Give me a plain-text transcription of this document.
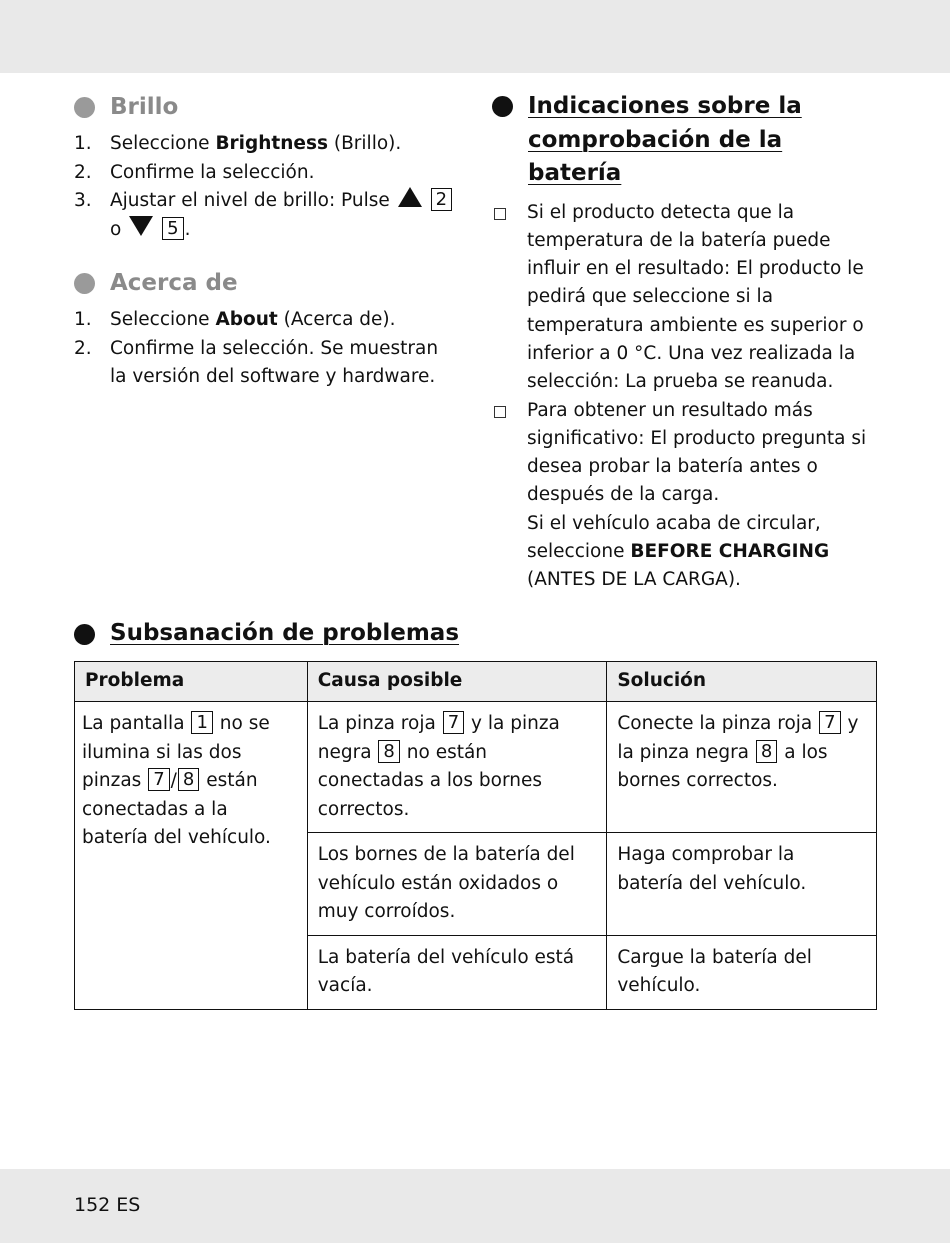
Brillo
1. Seleccione Brightness (Brillo).
2. Confirme la selección.
3. Ajustar el nivel de brillo: Pulse	2
o	5 .
Acerca de
1. Seleccione About (Acerca de).
2. Confirme la selección. Se muestran la versión del software y hardware.
Indicaciones sobre la
comprobación de la
batería
Si el producto detecta que la temperatura de la batería puede influir en el resultado: El producto le pedirá que seleccione si la temperatura ambiente es superior o inferior a 0 °C. Una vez realizada la selección: La prueba se reanuda.
Para obtener un resultado más significativo: El producto pregunta si desea probar la batería antes o después de la carga.
Si el vehículo acaba de circular, seleccione BEFORE CHARGING (ANTES DE LA CARGA).
Subsanación de problemas
Problema	Causa posible	Solución
La pantalla 1 no se ilumina si las dos pinzas 7 / 8 están conectadas a la batería del vehículo.	La pinza roja 7 y la pinza negra 8 no están conectadas a los bornes correctos.	Conecte la pinza roja 7 y la pinza negra 8 a los bornes correctos.
	Los bornes de la batería del vehículo están oxidados o muy corroídos.	Haga comprobar la batería del vehículo.
	La batería del vehículo está vacía.	Cargue la batería del vehículo.
152 ES
